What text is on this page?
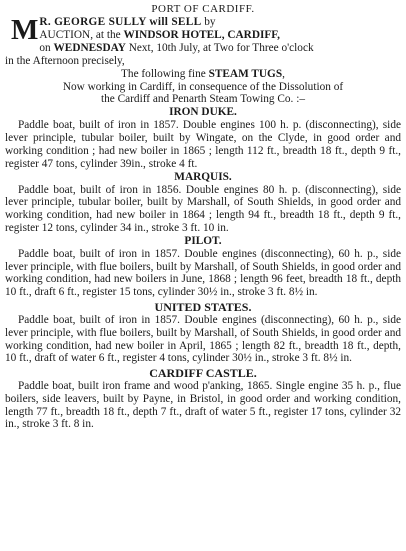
PORT OF CARDIFF.
M R. GEORGE SULLY will SELL by
AUCTION, at the WINDSOR HOTEL, CARDIFF,
on WEDNESDAY Next, 10th July, at Two for Three o'clock
in the Afternoon precisely,
The following fine STEAM TUGS,
Now working in Cardiff, in consequence of the Dissolution of
the Cardiff and Penarth Steam Towing Co. :–
IRON DUKE.
Paddle boat, built of iron in 1857. Double engines 100 h. p. (disconnecting), side lever principle, tubular boiler, built by Wingate, on the Clyde, in good order and working condition ; had new boiler in 1865 ; length 112 ft., breadth 18 ft., depth 9 ft., register 47 tons, cylinder 39in., stroke 4 ft.
MARQUIS.
Paddle boat, built of iron in 1856. Double engines 80 h. p. (disconnecting), side lever principle, tubular boiler, built by Marshall, of South Shields, in good order and working condition, had new boiler in 1864 ; length 94 ft., breadth 18 ft., depth 9 ft., register 12 tons, cylinder 34 in., stroke 3 ft. 10 in.
PILOT.
Paddle boat, built of iron in 1857. Double engines (disconnecting), 60 h. p., side lever principle, with flue boilers, built by Marshall, of South Shields, in good order and working condition, had new boilers in June, 1868 ; length 96 feet, breadth 18 ft., depth 10 ft., draft 6 ft., register 15 tons, cylinder 30½ in., stroke 3 ft. 8½ in.
UNITED STATES.
Paddle boat, built of iron in 1857. Double engines (disconnecting), 60 h. p., side lever principle, with flue boilers, built by Marshall, of South Shields, in good order and working condition, had new boiler in April, 1865 ; length 82 ft., breadth 18 ft., depth, 10 ft., draft of water 6 ft., register 4 tons, cylinder 30½ in., stroke 3 ft. 8½ in.
CARDIFF CASTLE.
Paddle boat, built iron frame and wood p'anking, 1865. Single engine 35 h. p., flue boilers, side leavers, built by Payne, in Bristol, in good order and working condition, length 77 ft., breadth 18 ft., depth 7 ft., draft of water 5 ft., register 17 tons, cylinder 32 in., stroke 3 ft. 8 in.
